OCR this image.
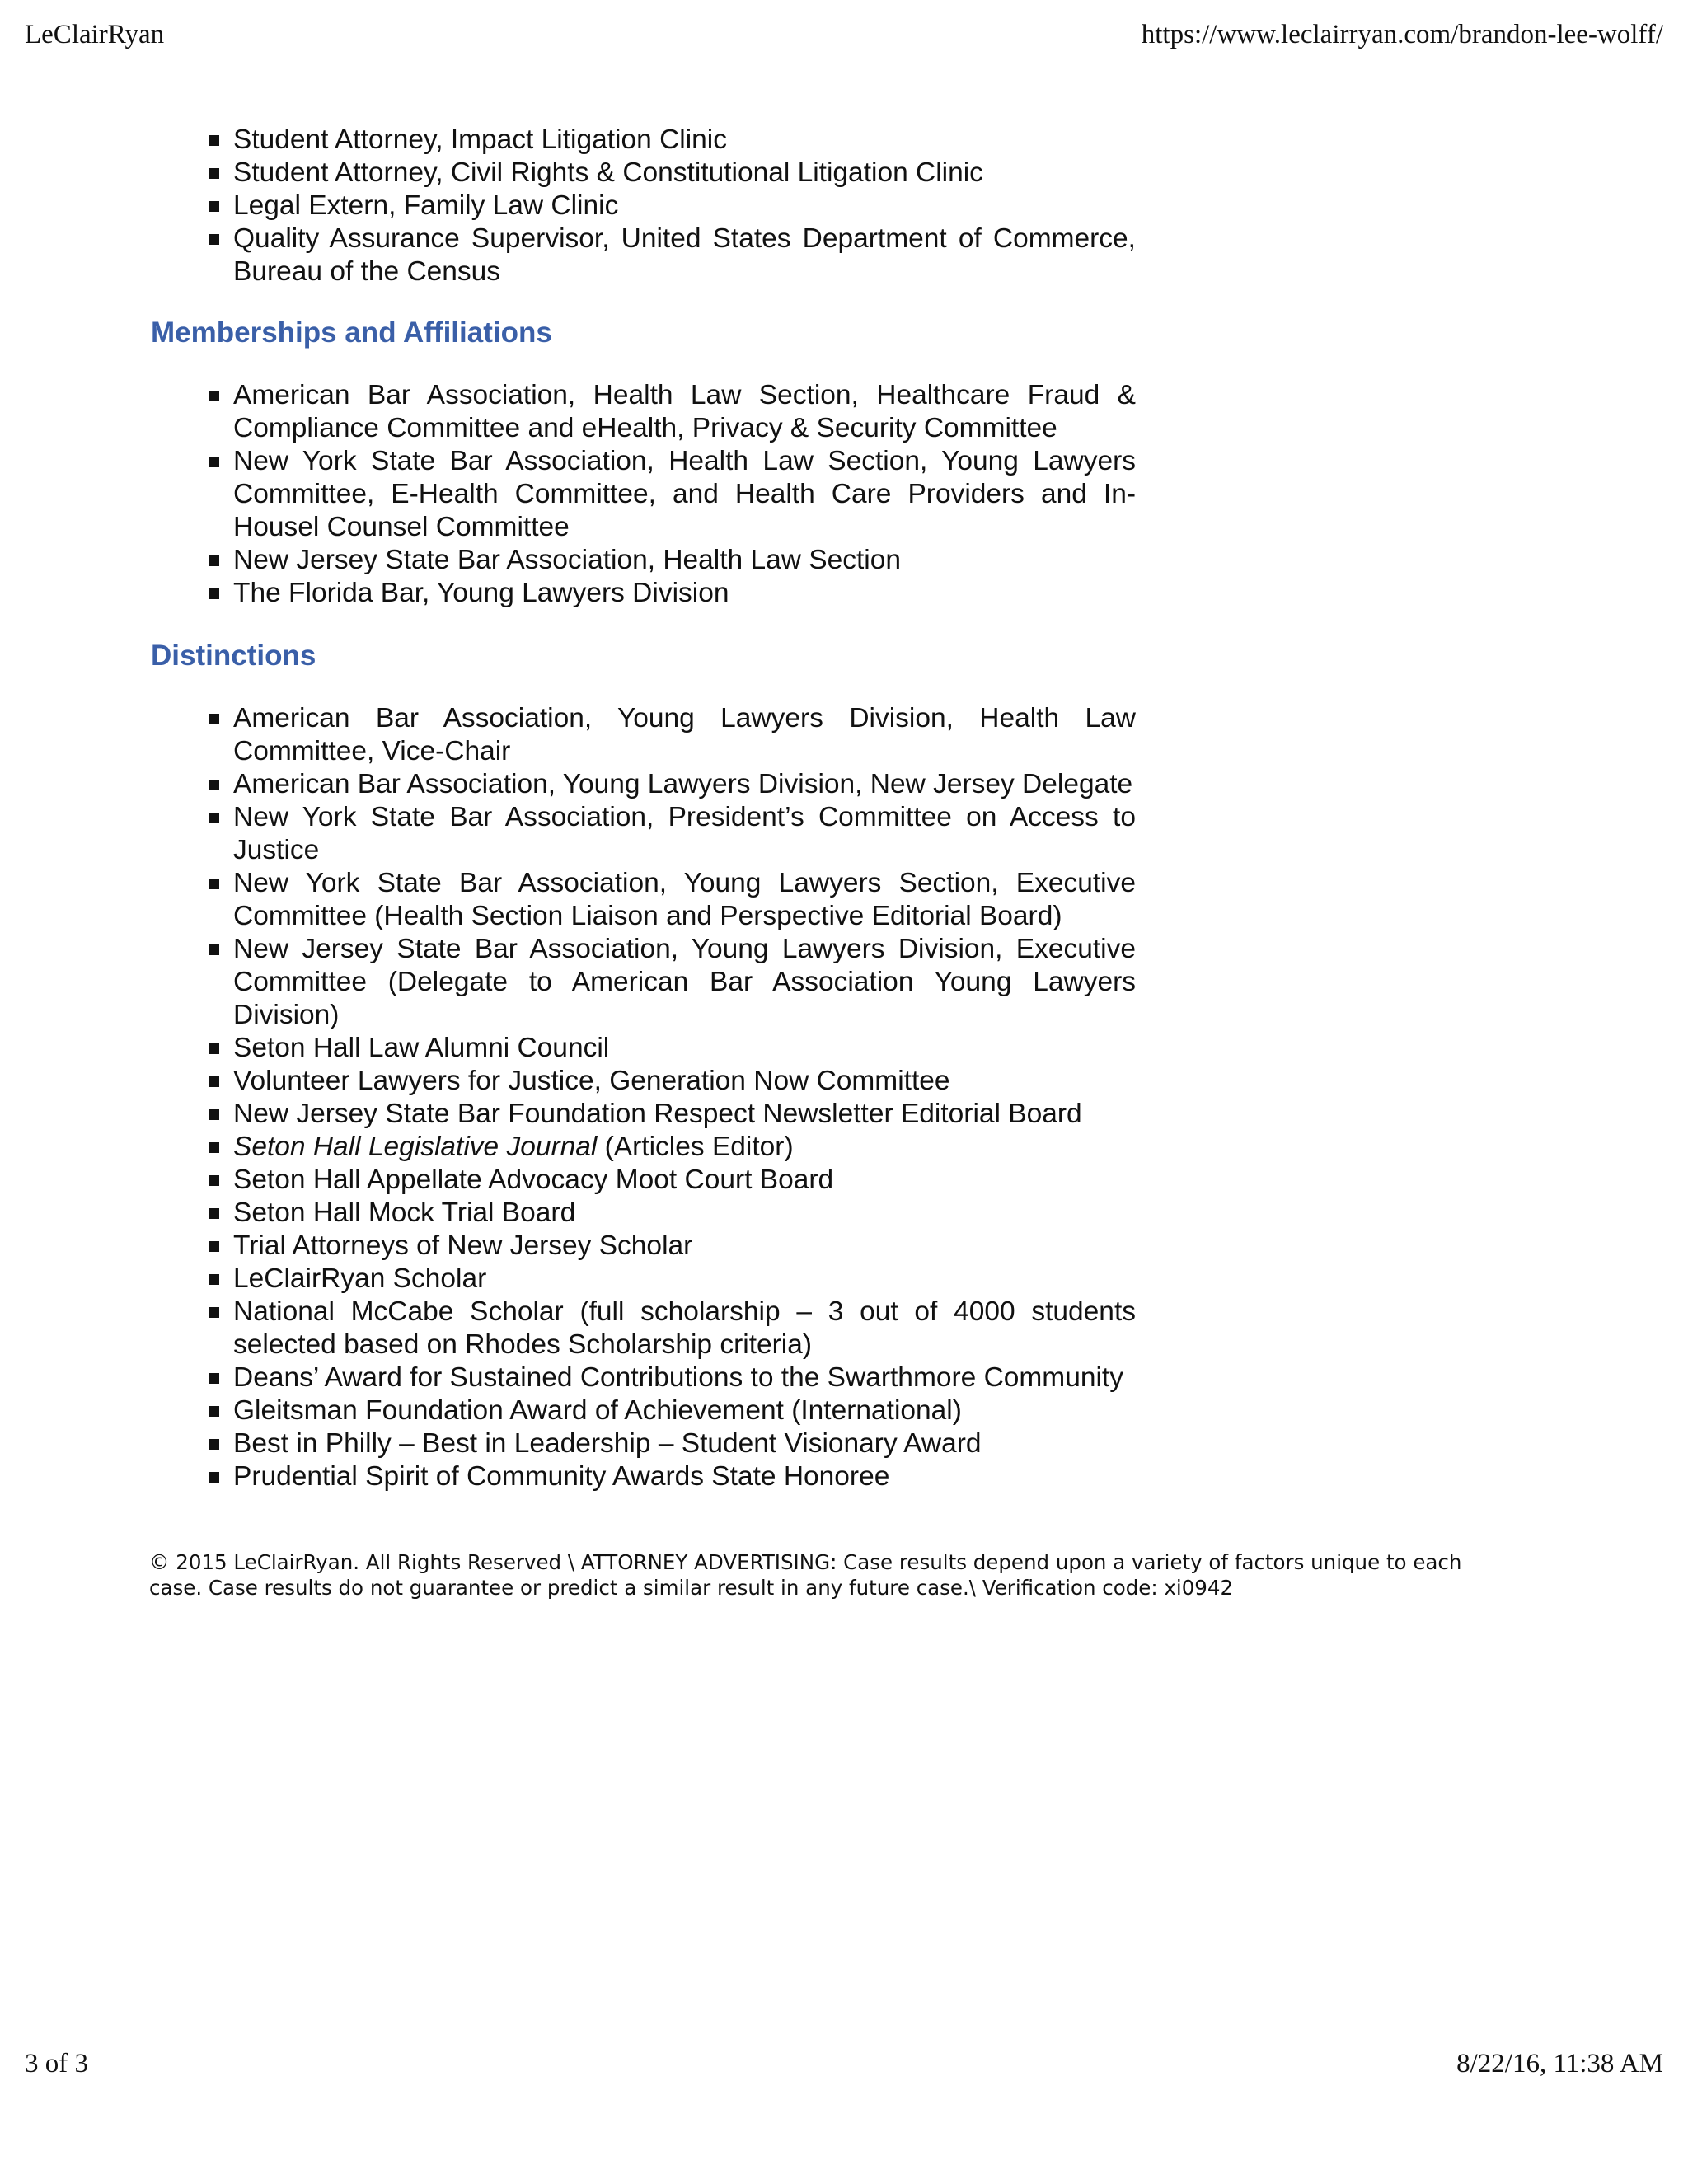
LeClairRyan	https://www.leclairryan.com/brandon-lee-wolff/
Student Attorney, Impact Litigation Clinic
Student Attorney, Civil Rights & Constitutional Litigation Clinic
Legal Extern, Family Law Clinic
Quality Assurance Supervisor, United States Department of Commerce, Bureau of the Census
Memberships and Affiliations
American Bar Association, Health Law Section, Healthcare Fraud & Compliance Committee and eHealth, Privacy & Security Committee
New York State Bar Association, Health Law Section, Young Lawyers Committee, E-Health Committee, and Health Care Providers and In-Housel Counsel Committee
New Jersey State Bar Association, Health Law Section
The Florida Bar, Young Lawyers Division
Distinctions
American Bar Association, Young Lawyers Division, Health Law Committee, Vice-Chair
American Bar Association, Young Lawyers Division, New Jersey Delegate
New York State Bar Association, President’s Committee on Access to Justice
New York State Bar Association, Young Lawyers Section, Executive Committee (Health Section Liaison and Perspective Editorial Board)
New Jersey State Bar Association, Young Lawyers Division, Executive Committee (Delegate to American Bar Association Young Lawyers Division)
Seton Hall Law Alumni Council
Volunteer Lawyers for Justice, Generation Now Committee
New Jersey State Bar Foundation Respect Newsletter Editorial Board
Seton Hall Legislative Journal (Articles Editor)
Seton Hall Appellate Advocacy Moot Court Board
Seton Hall Mock Trial Board
Trial Attorneys of New Jersey Scholar
LeClairRyan Scholar
National McCabe Scholar (full scholarship – 3 out of 4000 students selected based on Rhodes Scholarship criteria)
Deans’ Award for Sustained Contributions to the Swarthmore Community
Gleitsman Foundation Award of Achievement (International)
Best in Philly – Best in Leadership – Student Visionary Award
Prudential Spirit of Community Awards State Honoree
© 2015 LeClairRyan. All Rights Reserved \ ATTORNEY ADVERTISING: Case results depend upon a variety of factors unique to each
case. Case results do not guarantee or predict a similar result in any future case.\ Verification code: xi0942
3 of 3	8/22/16, 11:38 AM
